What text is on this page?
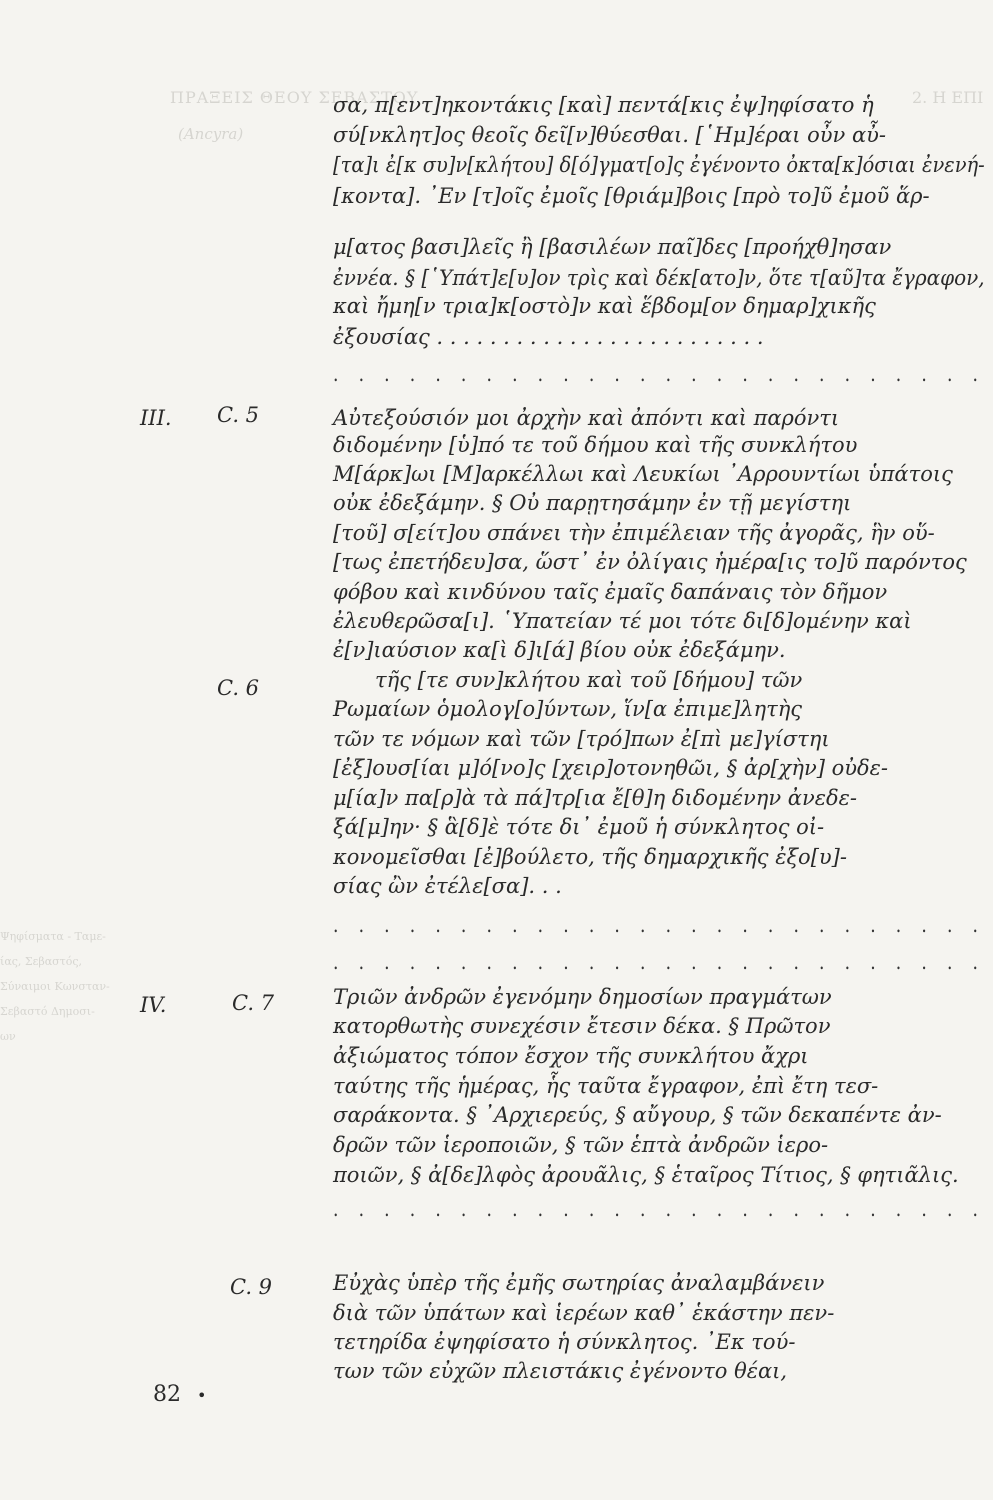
ΠΡΑΞΕΙΣ ΘΕΟΥ ΣΕΒΑΣΤΟΥ	2. Η ΕΠΙ
(Ancyra)
Ψηφίσματα - Ταμε-
ίας, Σεβαστός,
Σύναιμοι Κωνσταν-
Σεβαστό Δημοσι-
ων
σα, π[εντ]ηκοντάκις [καὶ] πεντά[κις ἐψ]ηφίσατο ἡ
σύ[νκλητ]ος θεοῖς δεῖ[ν]θύεσθαι. [῾Ημ]έραι οὖν αὖ-
[τα]ι ἐ[κ συ]ν[κλήτου] δ[ό]γματ[ο]ς ἐγένοντο ὀκτα[κ]όσιαι ἐνενή-
[κοντα]. ᾿Εν [τ]οῖς ἐμοῖς [θριάμ]βοις [πρὸ το]ῦ ἐμοῦ ἅρ-
μ[ατος βασι]λεῖς ἢ [βασιλέων παῖ]δες [προήχθ]ησαν
ἐννέα. § [῾Υπάτ]ε[υ]ον τρὶς καὶ δέκ[ατο]ν, ὅτε τ[αῦ]τα ἔγραφον,
καὶ ἤμη[ν τρια]κ[οστὸ]ν καὶ ἕβδομ[ον δημαρ]χικῆς
ἐξουσίας . . . . . . . . . . . . . . . . . . . . . . . . .
. . . . . . . . . . . . . . . . . . . . . . . . . .
III. C. 5	Αὐτεξούσιόν μοι ἀρχὴν καὶ ἀπόντι καὶ παρόντι
διδομένην [ὑ]πό τε τοῦ δήμου καὶ τῆς συνκλήτου
Μ[άρκ]ωι [Μ]αρκέλλωι καὶ Λευκίωι ᾿Αρρουντίωι ὑπάτοις
οὐκ ἐδεξάμην. § Οὐ παρῃτησάμην ἐν τῇ μεγίστηι
[τοῦ] σ[είτ]ου σπάνει τὴν ἐπιμέλειαν τῆς ἀγορᾶς, ἣν οὕ-
[τως ἐπετήδευ]σα, ὥστ᾿ ἐν ὀλίγαις ἡμέρα[ις το]ῦ παρόντος
φόβου καὶ κινδύνου ταῖς ἐμαῖς δαπάναις τὸν δῆμον
ἐλευθερῶσα[ι]. ῾Υπατείαν τέ μοι τότε δι[δ]ομένην καὶ
ἐ[ν]ιαύσιον κα[ὶ δ]ι[ά] βίου οὐκ ἐδεξάμην.
C. 6	τῆς [τε συν]κλήτου καὶ τοῦ [δήμου] τῶν
Ρωμαίων ὁμολογ[ο]ύντων, ἵν[α ἐπιμε]λητὴς
τῶν τε νόμων καὶ τῶν [τρό]πων ἐ[πὶ με]γίστηι
[ἐξ]ουσ[ίαι μ]ό[νο]ς [χειρ]οτονηθῶι, § ἀρ[χὴν] οὐδε-
μ[ία]ν πα[ρ]ὰ τὰ πά]τρ[ια ἔ[θ]η διδομένην ἀνεδε-
ξά[μ]ην· § ἃ[δ]ὲ τότε δι᾿ ἐμοῦ ἡ σύνκλητος οἰ-
κονομεῖσθαι [ἐ]βούλετο, τῆς δημαρχικῆς ἐξο[υ]-
σίας ὢν ἐτέλε[σα]. . .
. . . . . . . . . . . . . . . . . . . . . . . . . .
. . . . . . . . . . . . . . . . . . . . . . . . . .
IV.	C. 7	Τριῶν ἀνδρῶν ἐγενόμην δημοσίων πραγμάτων
κατορθωτὴς συνεχέσιν ἔτεσιν δέκα. § Πρῶτον
ἀξιώματος τόπον ἔσχον τῆς συνκλήτου ἄχρι
ταύτης τῆς ἡμέρας, ἧς ταῦτα ἔγραφον, ἐπὶ ἔτη τεσ-
σαράκοντα. § ᾿Αρχιερεύς, § αὔγουρ, § τῶν δεκαπέντε ἀν-
δρῶν τῶν ἱεροποιῶν, § τῶν ἑπτὰ ἀνδρῶν ἱερο-
ποιῶν, § ἀ[δε]λφὸς ἀρουᾶλις, § ἑταῖρος Τίτιος, § φητιᾶλις.
. . . . . . . . . . . . . . . . . . . . . . . . . .
C. 9	Εὐχὰς ὑπὲρ τῆς ἐμῆς σωτηρίας ἀναλαμβάνειν
διὰ τῶν ὑπάτων καὶ ἱερέων καθ᾿ ἑκάστην πεν-
τετηρίδα ἐψηφίσατο ἡ σύνκλητος. ᾿Εκ τού-
των τῶν εὐχῶν πλειστάκις ἐγένοντο θέαι,
82 •
